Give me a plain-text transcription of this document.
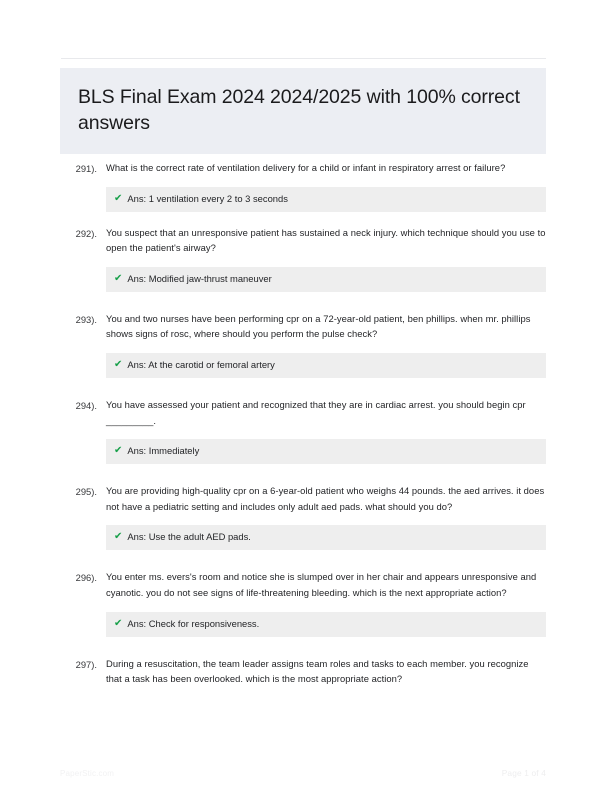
BLS Final Exam 2024 2024/2025 with 100% correct answers
291). What is the correct rate of ventilation delivery for a child or infant in respiratory arrest or failure?

✔ Ans: 1 ventilation every 2 to 3 seconds
292). You suspect that an unresponsive patient has sustained a neck injury. which technique should you use to open the patient's airway?

✔ Ans: Modified jaw-thrust maneuver
293). You and two nurses have been performing cpr on a 72-year-old patient, ben phillips. when mr. phillips shows signs of rosc, where should you perform the pulse check?

✔ Ans: At the carotid or femoral artery
294). You have assessed your patient and recognized that they are in cardiac arrest. you should begin cpr _________.

✔ Ans: Immediately
295). You are providing high-quality cpr on a 6-year-old patient who weighs 44 pounds. the aed arrives. it does not have a pediatric setting and includes only adult aed pads. what should you do?

✔ Ans: Use the adult AED pads.
296). You enter ms. evers's room and notice she is slumped over in her chair and appears unresponsive and cyanotic. you do not see signs of life-threatening bleeding. which is the next appropriate action?

✔ Ans: Check for responsiveness.
297). During a resuscitation, the team leader assigns team roles and tasks to each member. you recognize that a task has been overlooked. which is the most appropriate action?

PaperStic.com	Page 1 of 4
